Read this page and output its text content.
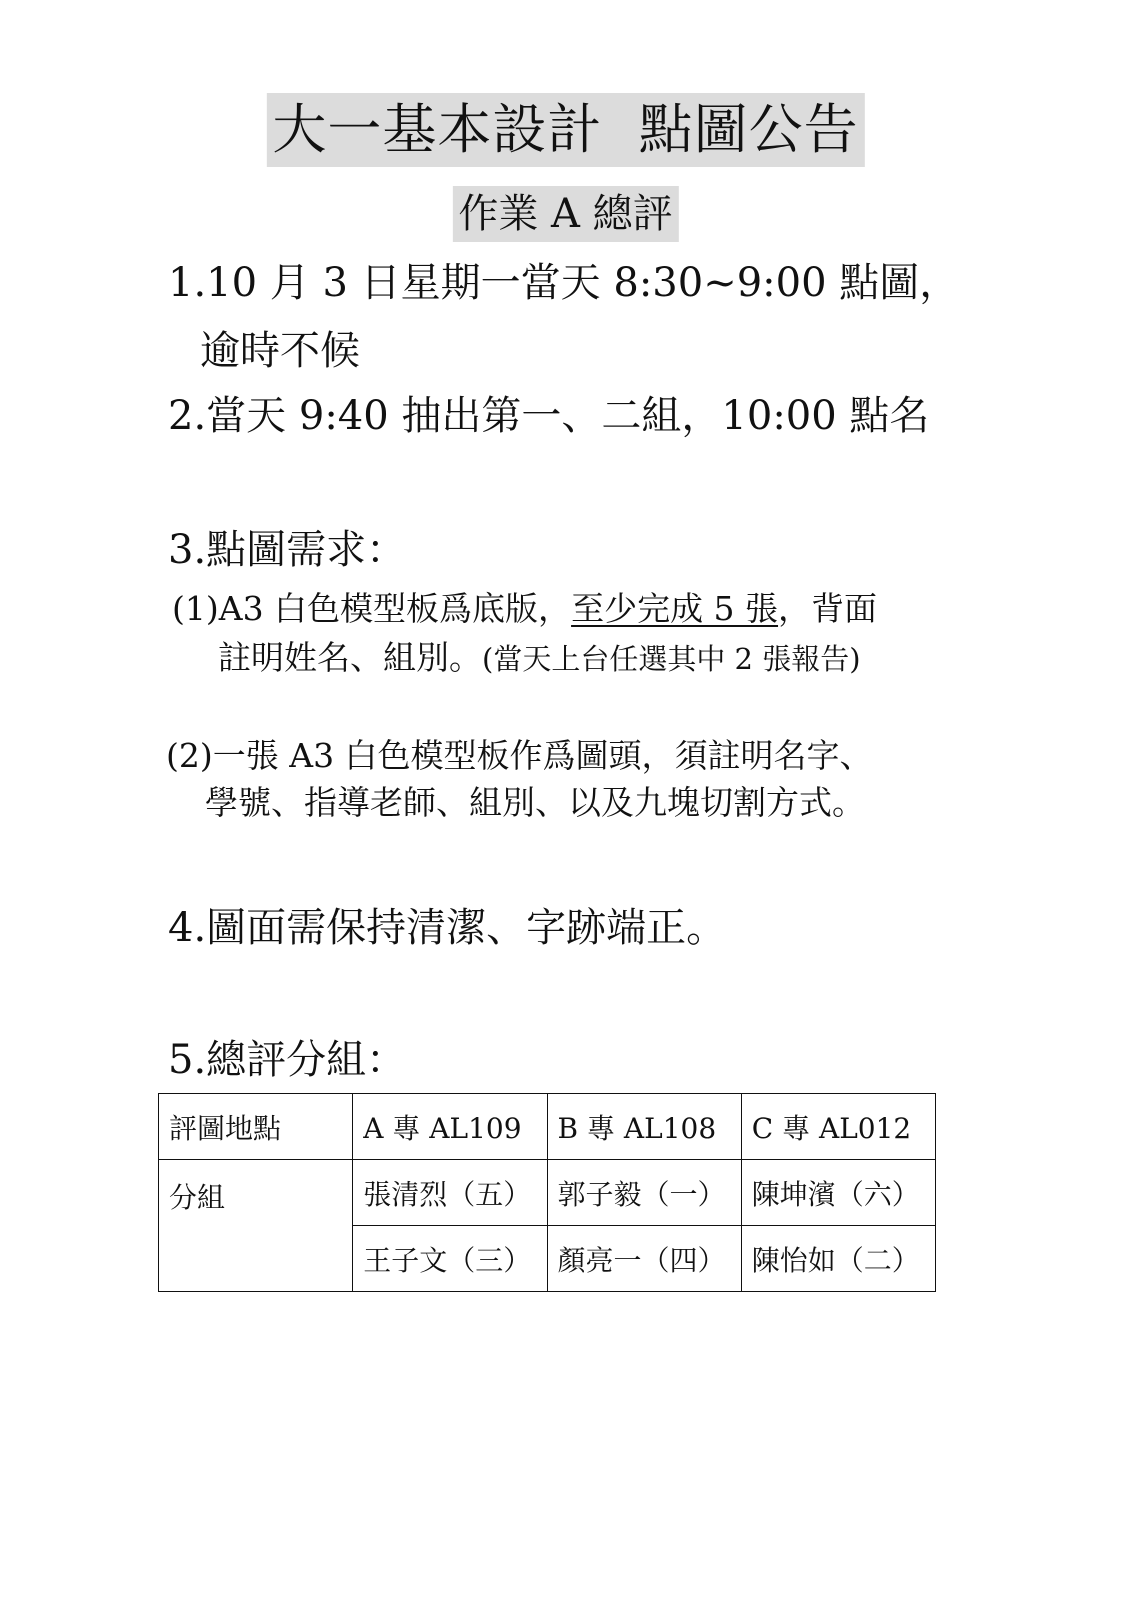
大一基本設計  點圖公告
作業 A 總評
1.10 月 3 日星期一當天 8:30~9:00 點圖，
逾時不候
2.當天 9:40 抽出第一、二組，10:00 點名
3.點圖需求：
(1)A3 白色模型板爲底版，至少完成 5 張，背面
註明姓名、組別。(當天上台任選其中 2 張報告)
(2)一張 A3 白色模型板作爲圖頭，須註明名字、
學號、指導老師、組別、以及九塊切割方式。
4.圖面需保持清潔、字跡端正。
5.總評分組：
評圖地點	A 專 AL109	B 專 AL108	C 專 AL012
分組	張清烈（五）	郭子毅（一）	陳坤濱（六）
	王子文（三）	顏亮一（四）	陳怡如（二）
